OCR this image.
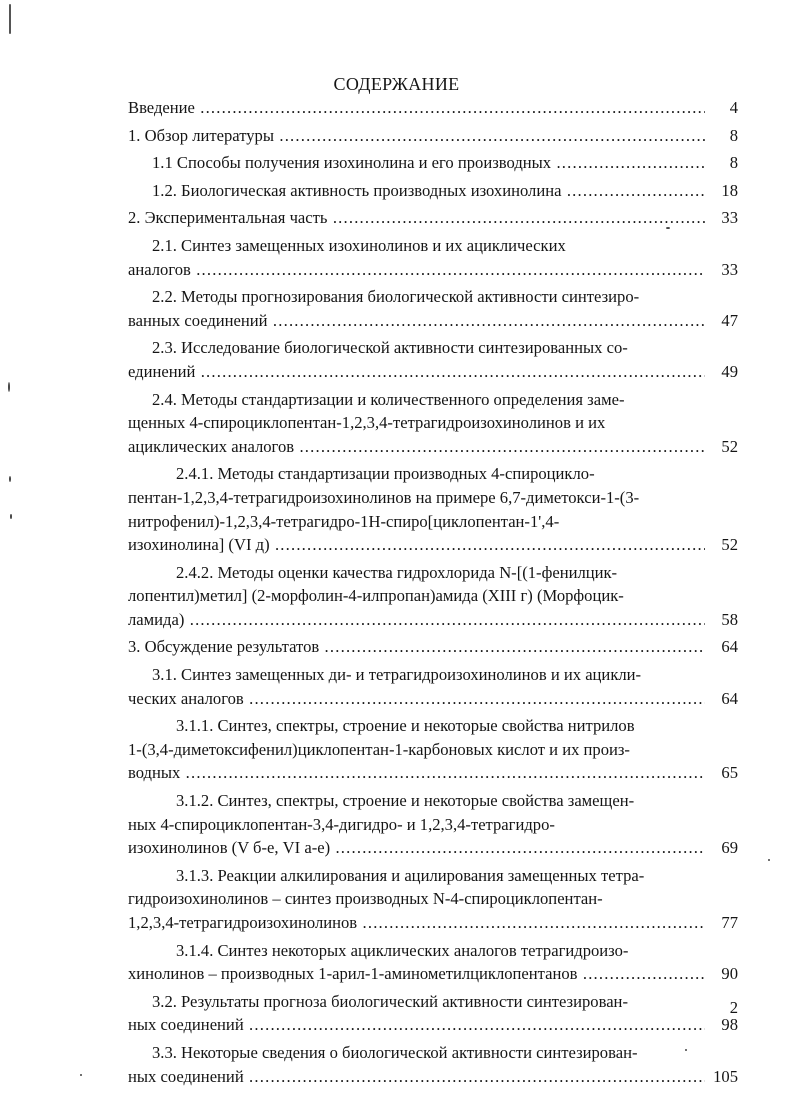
СОДЕРЖАНИЕ
Введение .....	4
1. Обзор литературы .....	8
1.1 Способы получения изохинолина и его производных .....	8
1.2. Биологическая активность производных изохинолина .....	18
2. Экспериментальная часть .....	33
2.1. Синтез замещенных изохинолинов и их ациклических
аналогов .....	33
2.2. Методы прогнозирования биологической активности синтезиро-
ванных соединений .....	47
2.3. Исследование биологической активности синтезированных со-
единений .....	49
2.4. Методы стандартизации и количественного определения заме-
щенных 4-спироциклопентан-1,2,3,4-тетрагидроизохинолинов и их
ациклических аналогов .....	52
2.4.1. Методы стандартизации производных 4-спироцикло-
пентан-1,2,3,4-тетрагидроизохинолинов на примере 6,7-диметокси-1-(3-
нитрофенил)-1,2,3,4-тетрагидро-1H-спиро[циклопентан-1',4-
изохинолина] (VI д) .....	52
2.4.2. Методы оценки качества гидрохлорида N-[(1-фенилцик-
лопентил)метил] (2-морфолин-4-илпропан)амида (XIII г) (Морфоцик-
ламида) .....	58
3. Обсуждение результатов .....	64
3.1. Синтез замещенных ди- и тетрагидроизохинолинов и их ацикли-
ческих аналогов .....	64
3.1.1. Синтез, спектры, строение и некоторые свойства нитрилов
1-(3,4-диметоксифенил)циклопентан-1-карбоновых кислот и их произ-
водных .....	65
3.1.2. Синтез, спектры, строение и некоторые свойства замещен-
ных 4-спироциклопентан-3,4-дигидро- и 1,2,3,4-тетрагидро-
изохинолинов (V б-е, VI а-е) .....	69
3.1.3. Реакции алкилирования и ацилирования замещенных тетра-
гидроизохинолинов – синтез производных N-4-спироциклопентан-
1,2,3,4-тетрагидроизохинолинов .....	77
3.1.4. Синтез некоторых ациклических аналогов тетрагидроизо-
хинолинов – производных 1-арил-1-аминометилциклопентанов .....	90
3.2. Результаты прогноза биологический активности синтезирован-
ных соединений .....	98
3.3. Некоторые сведения о биологической активности синтезирован-
ных соединений .....	105
2
